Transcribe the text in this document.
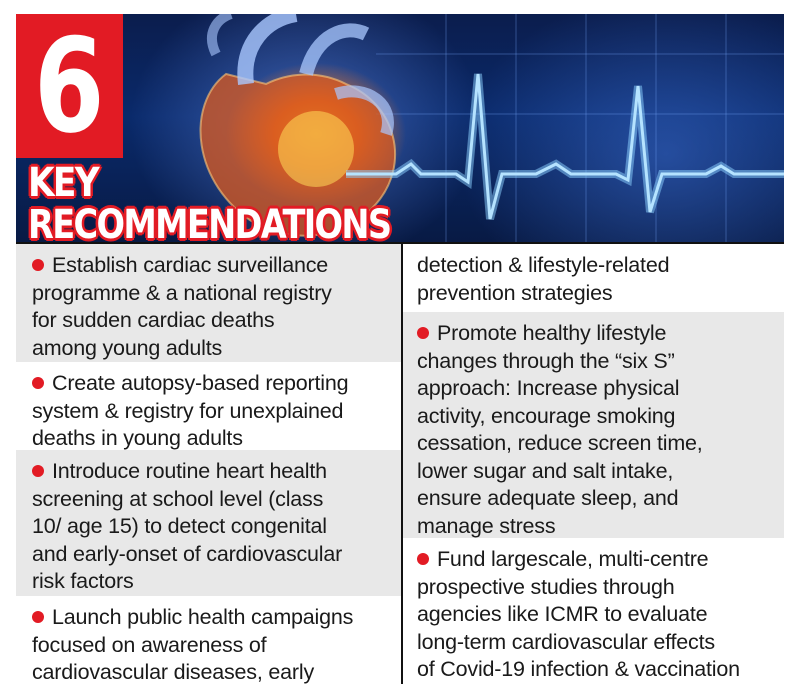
6
KEY
RECOMMENDATIONS

Establish cardiac surveillance
programme & a national registry
for sudden cardiac deaths
among young adults

Create autopsy-based reporting
system & registry for unexplained
deaths in young adults

Introduce routine heart health
screening at school level (class
10/ age 15) to detect congenital
and early-onset of cardiovascular
risk factors

Launch public health campaigns
focused on awareness of
cardiovascular diseases, early

detection & lifestyle-related
prevention strategies

Promote healthy lifestyle
changes through the “six S”
approach: Increase physical
activity, encourage smoking
cessation, reduce screen time,
lower sugar and salt intake,
ensure adequate sleep, and
manage stress

Fund largescale, multi-centre
prospective studies through
agencies like ICMR to evaluate
long-term cardiovascular effects
of Covid-19 infection & vaccination
